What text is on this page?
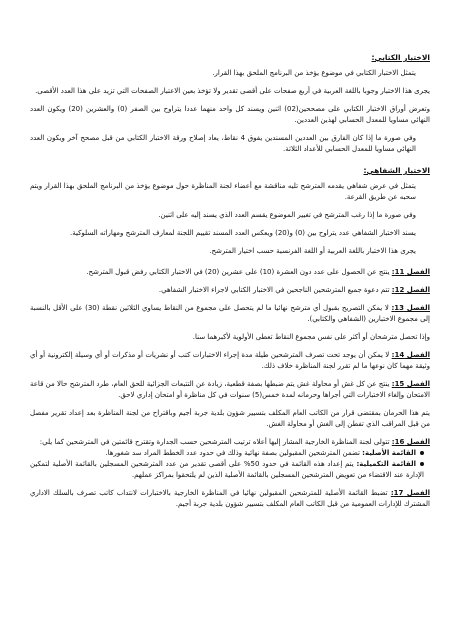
الاختبار الكتابي:

يتمثل الاختبار الكتابي في موضوع يؤخذ من البرنامج الملحق بهذا القرار.

يجرى هذا الاختبار وجوبا باللغة العربية في أربع صفحات على أقصى تقدير ولا تؤخذ بعين الاعتبار الصفحات التي تزيد على هذا العدد الأقصى.

وتعرض أوراق الاختبار الكتابي على مصححين(02) اثنين ويسند كل واحد منهما عددا يتراوح بين الصفر (0) والعشرين (20) ويكون العدد النهائي مساويا للمعدل الحسابي لهذين العددين.

وفي صورة ما إذا كان الفارق بين العددين المسندين يفوق 4 نقاط، يعاد إصلاح ورقة الاختبار الكتابي من قبل مصحح آخر ويكون العدد النهائي مساويا للمعدل الحسابي للأعداد الثلاثة.

الاختبار الشفاهي:

يتمثل في عرض شفاهي يقدمه المترشح تليه مناقشة مع أعضاء لجنة المناظرة حول موضوع يؤخذ من البرنامج الملحق بهذا القرار ويتم سحبه عن طريق القرعة.

وفي صورة ما إذا رغب المترشح في تغيير الموضوع يقسم العدد الذي يسند إليه على اثنين.

يسند الاختبار الشفاهي عدد يتراوح بين (0) و(20) ويعكس العدد المسند تقييم اللجنة لمعارف المترشح ومهاراته السلوكية.

يجرى هذا الاختبار باللغة العربية أو اللغة الفرنسية حسب اختيار المترشح.

الفصل 11: ينتج عن الحصول على عدد دون العشرة (10) على عشرين (20) في الاختبار الكتابي رفض قبول المترشح.

الفصل 12: تتم دعوة جميع المترشحين الناجحين في الاختبار الكتابي لاجراء الاختبار الشفاهي.

الفصل 13: لا يمكن التصريح بقبول أي مترشح نهائيا ما لم يتحصل على مجموع من النقاط يساوي الثلاثين نقطة (30) على الأقل بالنسبة إلى مجموع الاختبارين (الشفاهي والكتابي).

وإذا تحصل مترشحان أو أكثر على نفس مجموع النقاط تعطى الأولوية لأكبرهما سنا.

الفصل 14: لا يمكن أن يوجد تحت تصرف المترشحين طيلة مدة إجراء الاختبارات كتب أو نشريات أو مذكرات أو أي وسيلة إلكترونية أو أي وثيقة مهما كان نوعها ما لم تقرر لجنة المناظرة خلاف ذلك.

الفصل 15: ينتج عن كل غش أو محاولة غش يتم ضبطها بصفة قطعية، زيادة عن التتبعات الجزائية للحق العام، طرد المترشح حالا من قاعة الامتحان وإلغاء الاختبارات التي أجراها وحرمانه لمدة خمس(5) سنوات في كل مناظرة أو امتحان إداري لاحق.

يتم هذا الحرمان بمقتضى قرار من الكاتب العام المكلف بتسيير شؤون بلدية جربة أجيم وباقتراح من لجنة المناظرة بعد إعداد تقرير مفصل من قبل المراقب الذي تفطن إلى الغش أو محاولة الغش.

الفصل 16: تتولى لجنة المناظرة الخارجية المشار إليها أعلاه ترتيب المترشحين حسب الجدارة وتقترح قائمتين في المترشحين كما يلي:

القائمة الأصلية: تضمن المترشحين المقبولين بصفة نهائية وذلك في حدود عدد الخطط المراد سد شغورها.

القائمة التكميلية: يتم إعداد هذه القائمة في حدود 50% على أقصى تقدير من عدد المترشحين المسجلين بالقائمة الأصلية لتمكين الإدارة عند الاقتضاء من تعويض المترشحين المسجلين بالقائمة الأصلية الذين لم يلتحقوا بمراكز عملهم.

الفصل 17: تضبط القائمة الأصلية للمترشحين المقبولين نهائيا في المناظرة الخارجية بالاختبارات لانتداب كاتب تصرف بالسلك الاداري المشترك للإدارات العمومية من قبل الكاتب العام المكلف بتسيير شؤون بلدية جربة أجيم.
